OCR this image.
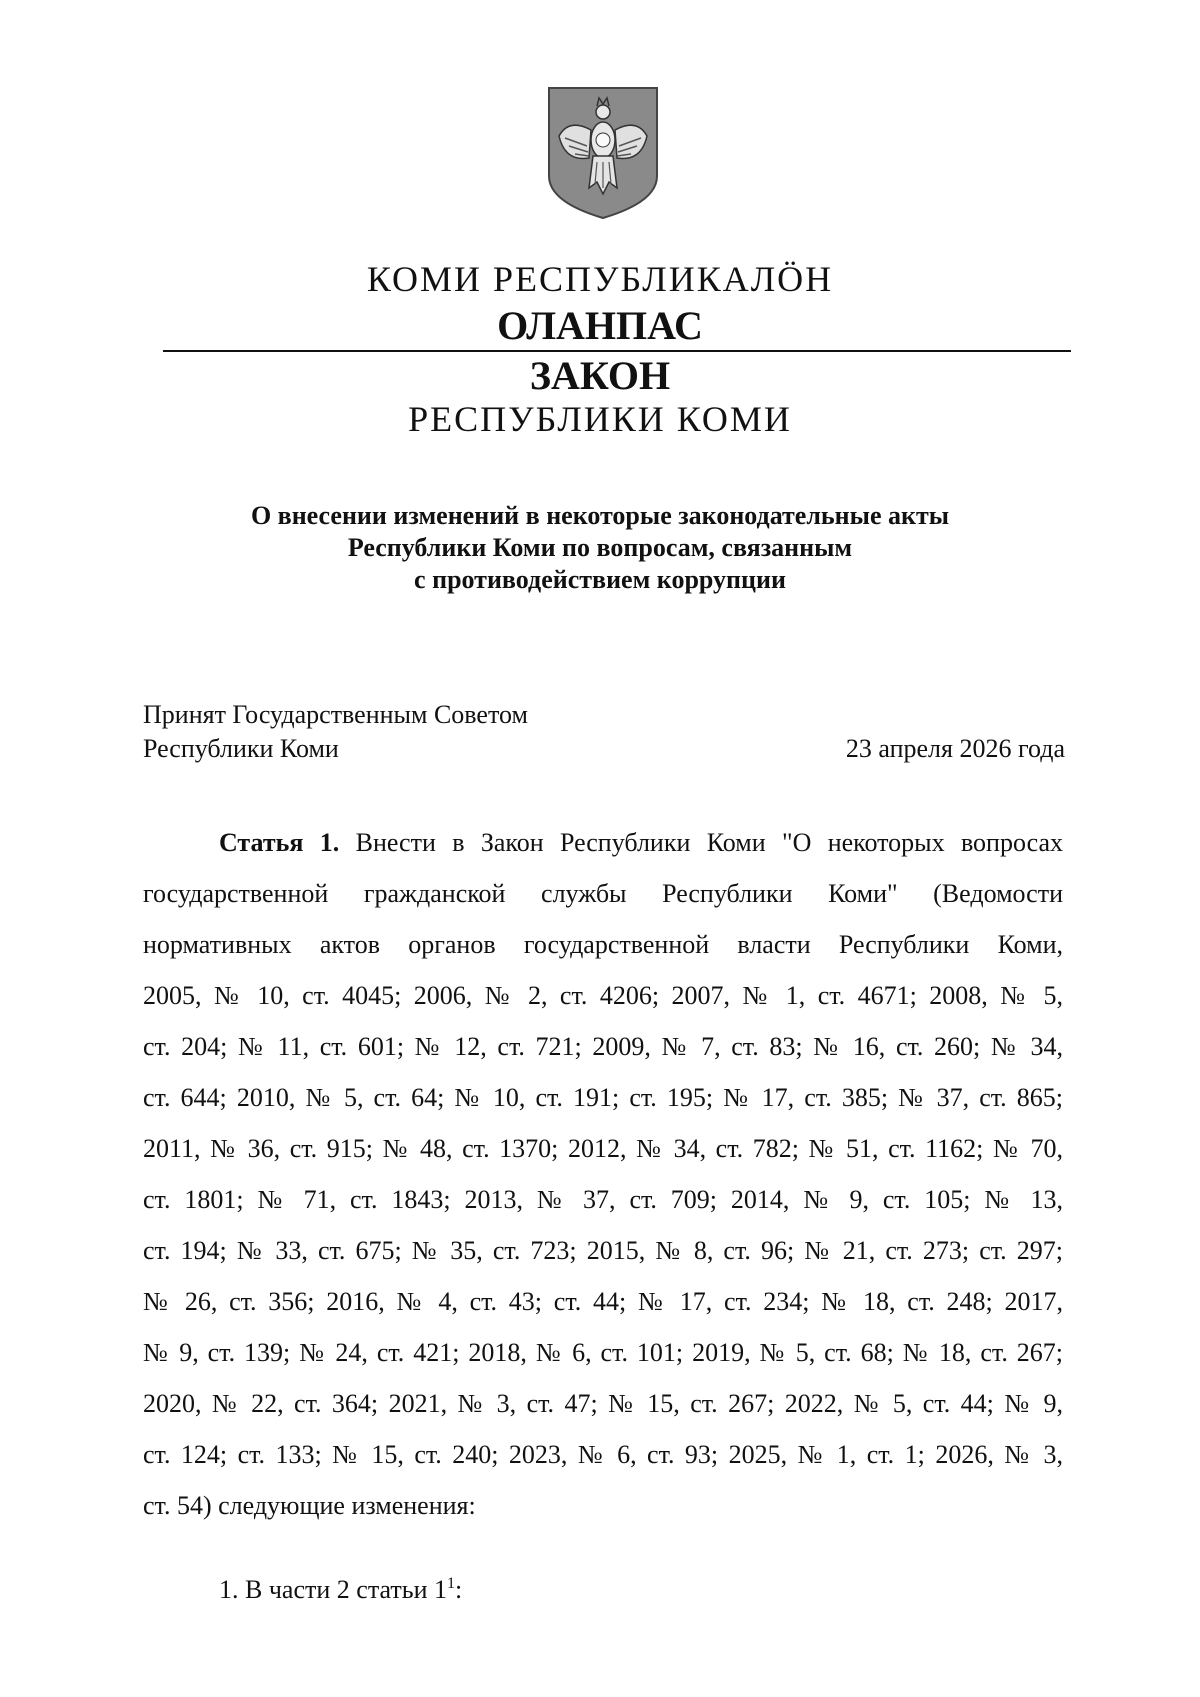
КОМИ РЕСПУБЛИКАЛÖН
ОЛАНПАС
ЗАКОН
РЕСПУБЛИКИ КОМИ
О внесении изменений в некоторые законодательные акты
Республики Коми по вопросам, связанным
с противодействием коррупции
Принят Государственным Советом
Республики Коми	23 апреля 2026 года
Статья 1. Внести в Закон Республики Коми "О некоторых вопросах
государственной гражданской службы Республики Коми" (Ведомости
нормативных актов органов государственной власти Республики Коми,
2005, № 10, ст. 4045; 2006, № 2, ст. 4206; 2007, № 1, ст. 4671; 2008, № 5,
ст. 204; № 11, ст. 601; № 12, ст. 721; 2009, № 7, ст. 83; № 16, ст. 260; № 34,
ст. 644; 2010, № 5, ст. 64; № 10, ст. 191; ст. 195; № 17, ст. 385; № 37, ст. 865;
2011, № 36, ст. 915; № 48, ст. 1370; 2012, № 34, ст. 782; № 51, ст. 1162; № 70,
ст. 1801; № 71, ст. 1843; 2013, № 37, ст. 709; 2014, № 9, ст. 105; № 13,
ст. 194; № 33, ст. 675; № 35, ст. 723; 2015, № 8, ст. 96; № 21, ст. 273; ст. 297;
№ 26, ст. 356; 2016, № 4, ст. 43; ст. 44; № 17, ст. 234; № 18, ст. 248; 2017,
№ 9, ст. 139; № 24, ст. 421; 2018, № 6, ст. 101; 2019, № 5, ст. 68; № 18, ст. 267;
2020, № 22, ст. 364; 2021, № 3, ст. 47; № 15, ст. 267; 2022, № 5, ст. 44; № 9,
ст. 124; ст. 133; № 15, ст. 240; 2023, № 6, ст. 93; 2025, № 1, ст. 1; 2026, № 3,
ст. 54) следующие изменения:
1. В части 2 статьи $1^1$:
